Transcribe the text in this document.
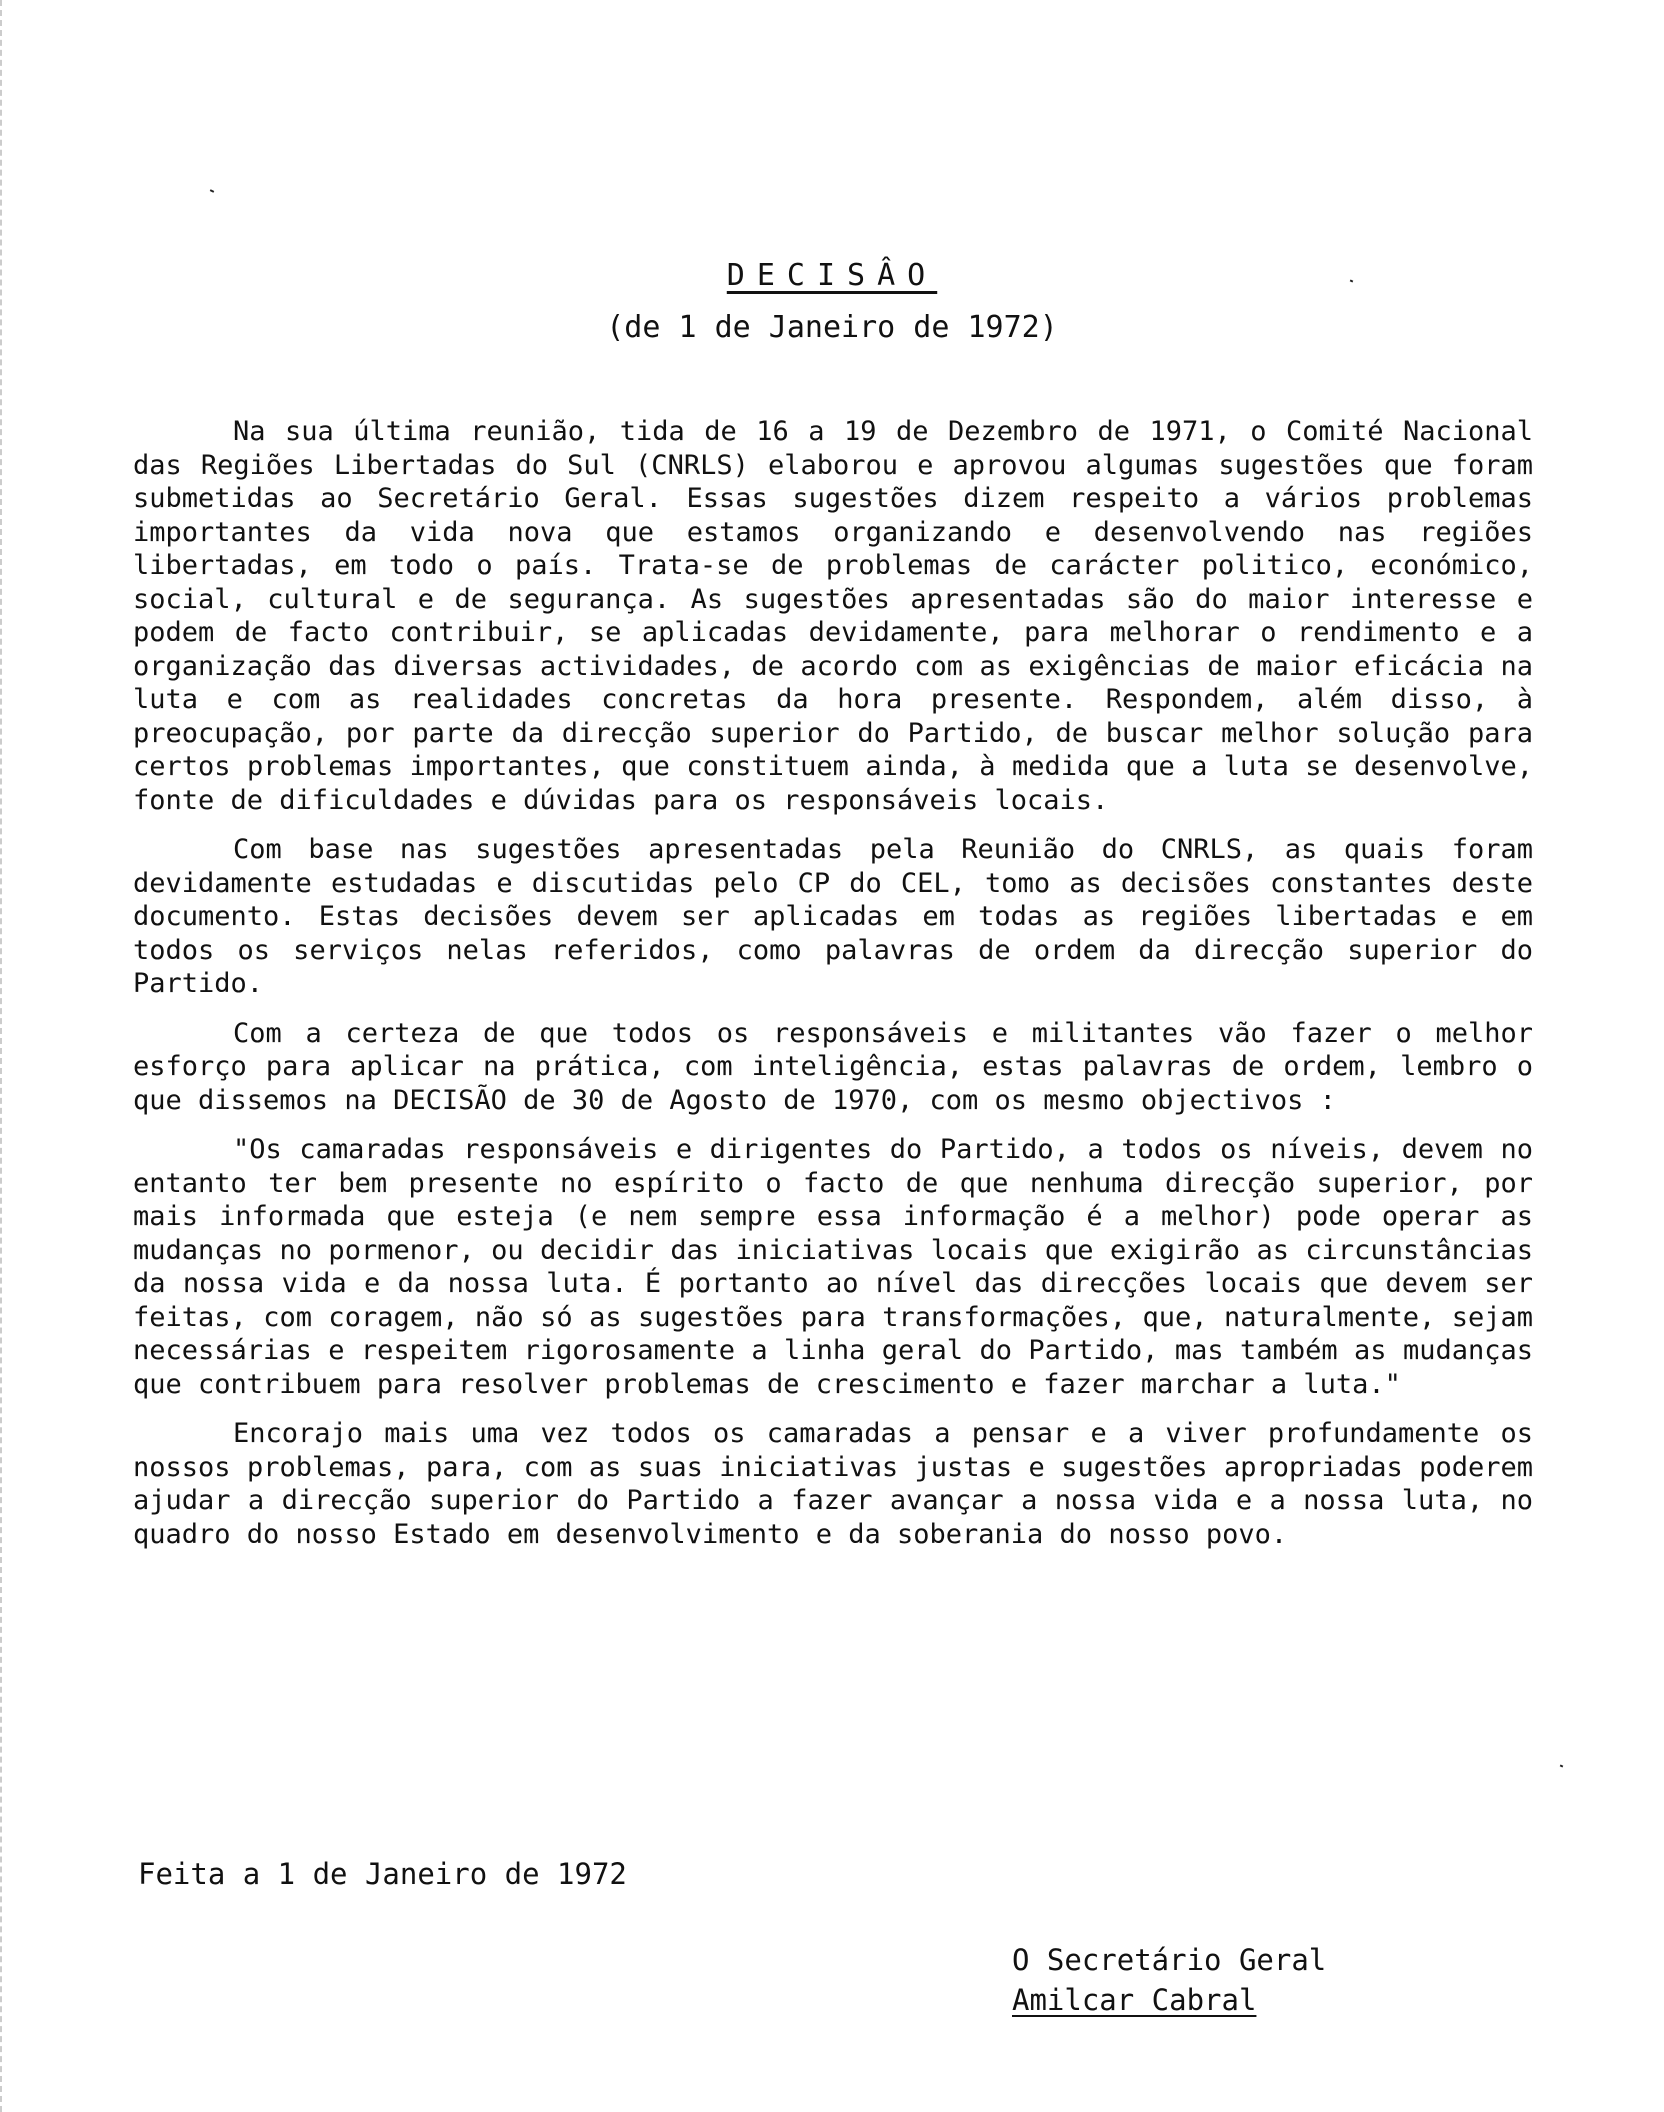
DECISÂO
(de 1 de Janeiro de 1972)

Na sua última reunião, tida de 16 a 19 de Dezembro de 1971, o Comité Nacional das Regiões Libertadas do Sul (CNRLS) elaborou e aprovou algumas sugestões que foram submetidas ao Secretário Geral. Essas sugestões dizem respeito a vários problemas importantes da vida nova que estamos organizando e desenvolvendo nas regiões libertadas, em todo o país. Trata-se de problemas de carácter politico, económico, social, cultural e de segurança. As sugestões apresentadas são do maior interesse e podem de facto contribuir, se aplicadas devidamente, para melhorar o rendimento e a organização das diversas actividades, de acordo com as exigências de maior eficácia na luta e com as realidades concretas da hora presente. Respondem, além disso, à preocupação, por parte da direcção superior do Partido, de buscar melhor solução para certos problemas importantes, que constituem ainda, à medida que a luta se desenvolve, fonte de dificuldades e dúvidas para os responsáveis locais.

Com base nas sugestões apresentadas pela Reunião do CNRLS, as quais foram devidamente estudadas e discutidas pelo CP do CEL, tomo as decisões constantes deste documento. Estas decisões devem ser aplicadas em todas as regiões libertadas e em todos os serviços nelas referidos, como palavras de ordem da direcção superior do Partido.

Com a certeza de que todos os responsáveis e militantes vão fazer o melhor esforço para aplicar na prática, com inteligência, estas palavras de ordem, lembro o que dissemos na DECISÃO de 30 de Agosto de 1970, com os mesmo objectivos :

"Os camaradas responsáveis e dirigentes do Partido, a todos os níveis, devem no entanto ter bem presente no espírito o facto de que nenhuma direcção superior, por mais informada que esteja (e nem sempre essa informação é a melhor) pode operar as mudanças no pormenor, ou decidir das iniciativas locais que exigirão as circunstâncias da nossa vida e da nossa luta. É portanto ao nível das direcções locais que devem ser feitas, com coragem, não só as sugestões para transformações, que, naturalmente, sejam necessárias e respeitem rigorosamente a linha geral do Partido, mas também as mudanças que contribuem para resolver problemas de crescimento e fazer marchar a luta."

Encorajo mais uma vez todos os camaradas a pensar e a viver profundamente os nossos problemas, para, com as suas iniciativas justas e sugestões apropriadas poderem ajudar a direcção superior do Partido a fazer avançar a nossa vida e a nossa luta, no quadro do nosso Estado em desenvolvimento e da soberania do nosso povo.

Feita a 1 de Janeiro de 1972
O Secretário Geral
Amilcar Cabral
